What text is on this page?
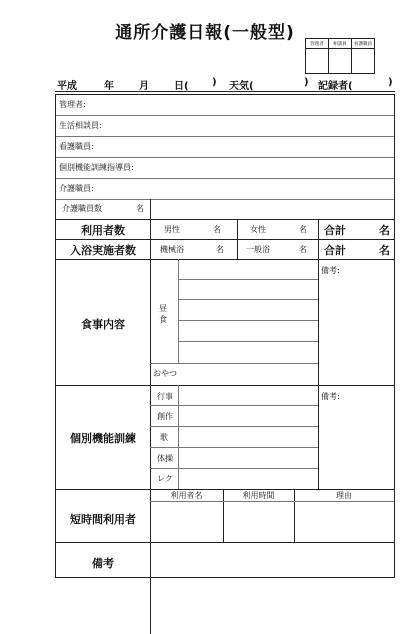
通所介護日報(一般型)
管理者	相談員	看護職員

平成	年	月	日( ) 天気(	) 記録者(	)
管理者:
生活相談員:
看護職員:
個別機能訓練指導員:
介護職員:
介護職員数	名
利用者数	男性	名	女性	名 合計	名
入浴実施者数	機械浴	名	一般浴	名 合計	名
食事内容
昼
食
おやつ
備考:
個別機能訓練
行事
創作
歌
体操
レク
備考:
短時間利用者
利用者名	利用時間	理由
備考
